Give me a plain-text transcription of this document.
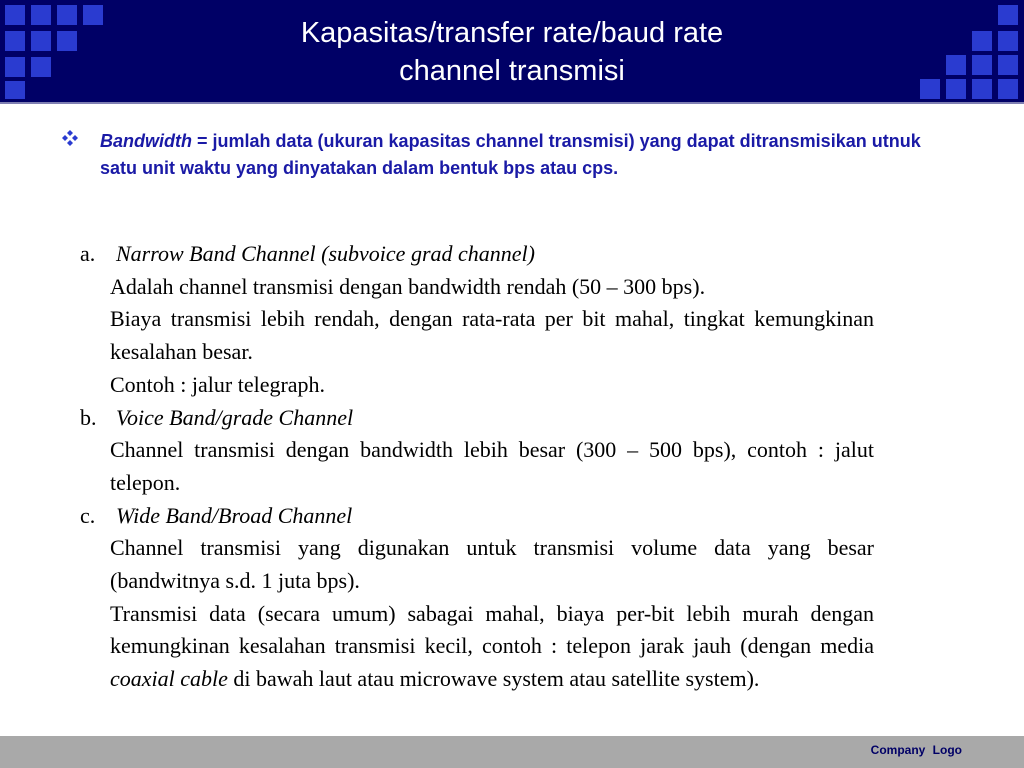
Kapasitas/transfer rate/baud rate
channel transmisi
Bandwidth = jumlah data (ukuran kapasitas channel transmisi) yang dapat ditransmisikan utnuk satu unit waktu yang dinyatakan dalam bentuk bps atau cps.
a. Narrow Band Channel (subvoice grad channel)
Adalah channel transmisi dengan bandwidth rendah (50 – 300 bps).
Biaya transmisi lebih rendah, dengan rata-rata per bit mahal, tingkat kemungkinan kesalahan besar.
Contoh : jalur telegraph.
b. Voice Band/grade Channel
Channel transmisi dengan bandwidth lebih besar (300 – 500 bps), contoh : jalut telepon.
c. Wide Band/Broad Channel
Channel transmisi yang digunakan untuk transmisi volume data yang besar (bandwitnya s.d. 1 juta bps).
Transmisi data (secara umum) sabagai mahal, biaya per-bit lebih murah dengan kemungkinan kesalahan transmisi kecil, contoh : telepon jarak jauh (dengan media coaxial cable di bawah laut atau microwave system atau satellite system).
Company Logo
